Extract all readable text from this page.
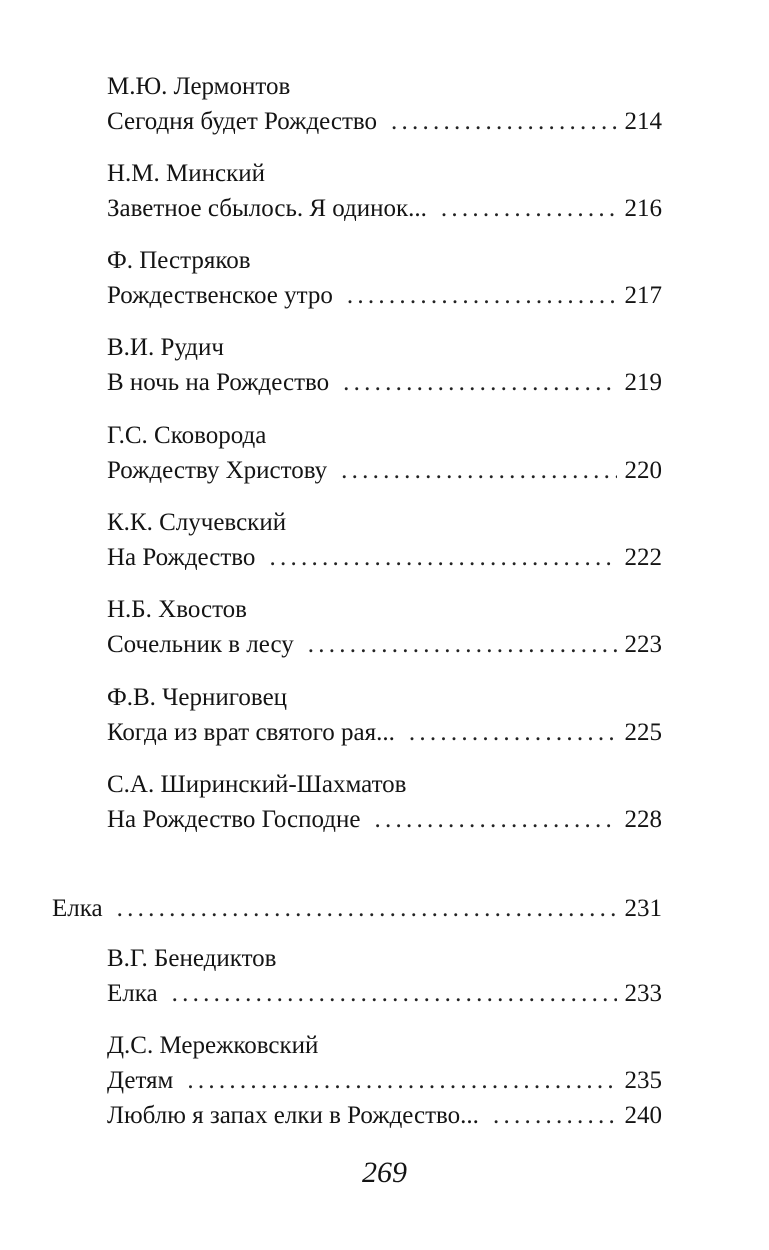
М.Ю. Лермонтов
Сегодня будет Рождество . . .	214
Н.М. Минский
Заветное сбылось. Я одинок... . . .	216
Ф. Пестряков
Рождественское утро . . .	217
В.И. Рудич
В ночь на Рождество . . .	219
Г.С. Сковорода
Рождеству Христову . . .	220
К.К. Случевский
На Рождество . . .	222
Н.Б. Хвостов
Сочельник в лесу . . .	223
Ф.В. Черниговец
Когда из врат святого рая... . . .	225
С.А. Ширинский-Шахматов
На Рождество Господне . . .	228
Елка . . .	231
В.Г. Бенедиктов
Елка . . .	233
Д.С. Мережковский
Детям . . .	235
Люблю я запах елки в Рождество... . . .	240
269
